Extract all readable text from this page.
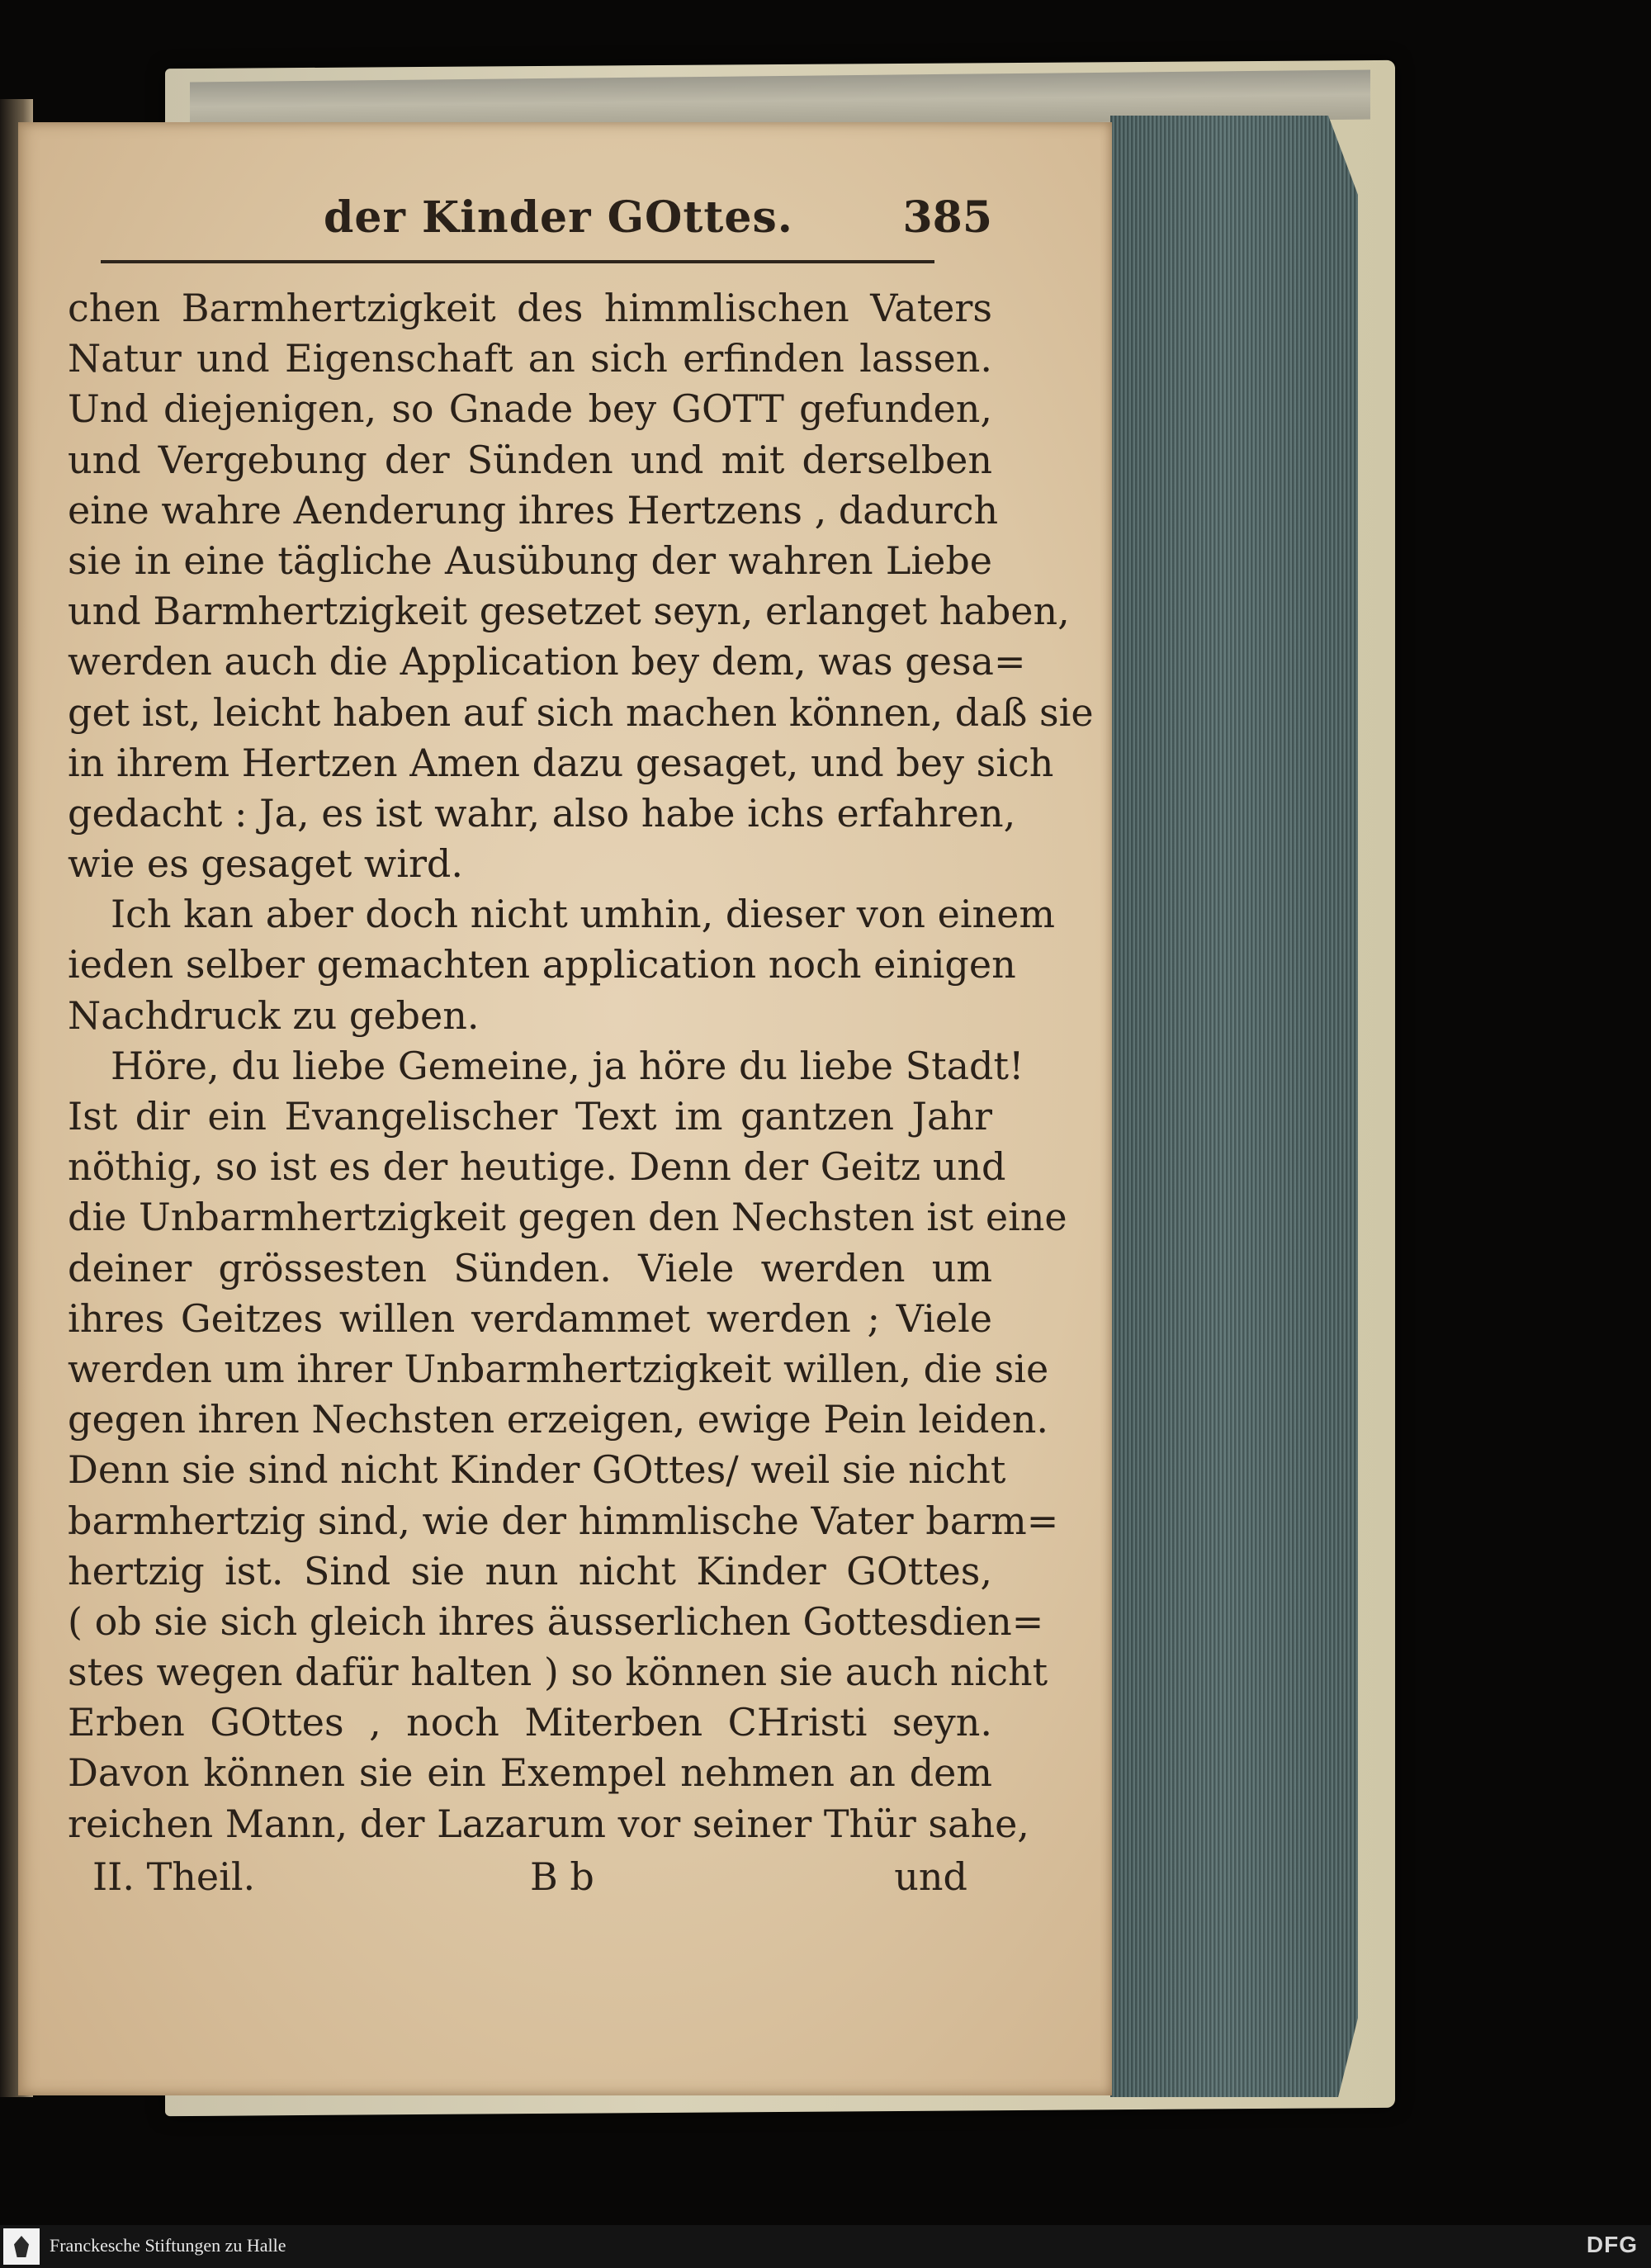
der Kinder GOttes.	385
chen Barmhertzigkeit des himmlischen Vaters
Natur und Eigenschaft an sich erfinden lassen.
Und diejenigen, so Gnade bey GOTT gefunden,
und Vergebung der Sünden und mit derselben
eine wahre Aenderung ihres Hertzens , dadurch
sie in eine tägliche Ausübung der wahren Liebe
und Barmhertzigkeit gesetzet seyn, erlanget haben,
werden auch die Application bey dem, was gesa=
get ist, leicht haben auf sich machen können, daß sie
in ihrem Hertzen Amen dazu gesaget, und bey sich
gedacht : Ja, es ist wahr, also habe ichs erfahren,
wie es gesaget wird.
Ich kan aber doch nicht umhin, dieser von einem
ieden selber gemachten application noch einigen
Nachdruck zu geben.
Höre, du liebe Gemeine, ja höre du liebe Stadt!
Ist dir ein Evangelischer Text im gantzen Jahr
nöthig, so ist es der heutige. Denn der Geitz und
die Unbarmhertzigkeit gegen den Nechsten ist eine
deiner grössesten Sünden. Viele werden um
ihres Geitzes willen verdammet werden ; Viele
werden um ihrer Unbarmhertzigkeit willen, die sie
gegen ihren Nechsten erzeigen, ewige Pein leiden.
Denn sie sind nicht Kinder GOttes/ weil sie nicht
barmhertzig sind, wie der himmlische Vater barm=
hertzig ist. Sind sie nun nicht Kinder GOttes,
( ob sie sich gleich ihres äusserlichen Gottesdien=
stes wegen dafür halten ) so können sie auch nicht
Erben GOttes , noch Miterben CHristi seyn.
Davon können sie ein Exempel nehmen an dem
reichen Mann, der Lazarum vor seiner Thür sahe,
II. Theil.	B b	und
Franckesche Stiftungen zu Halle	DFG
